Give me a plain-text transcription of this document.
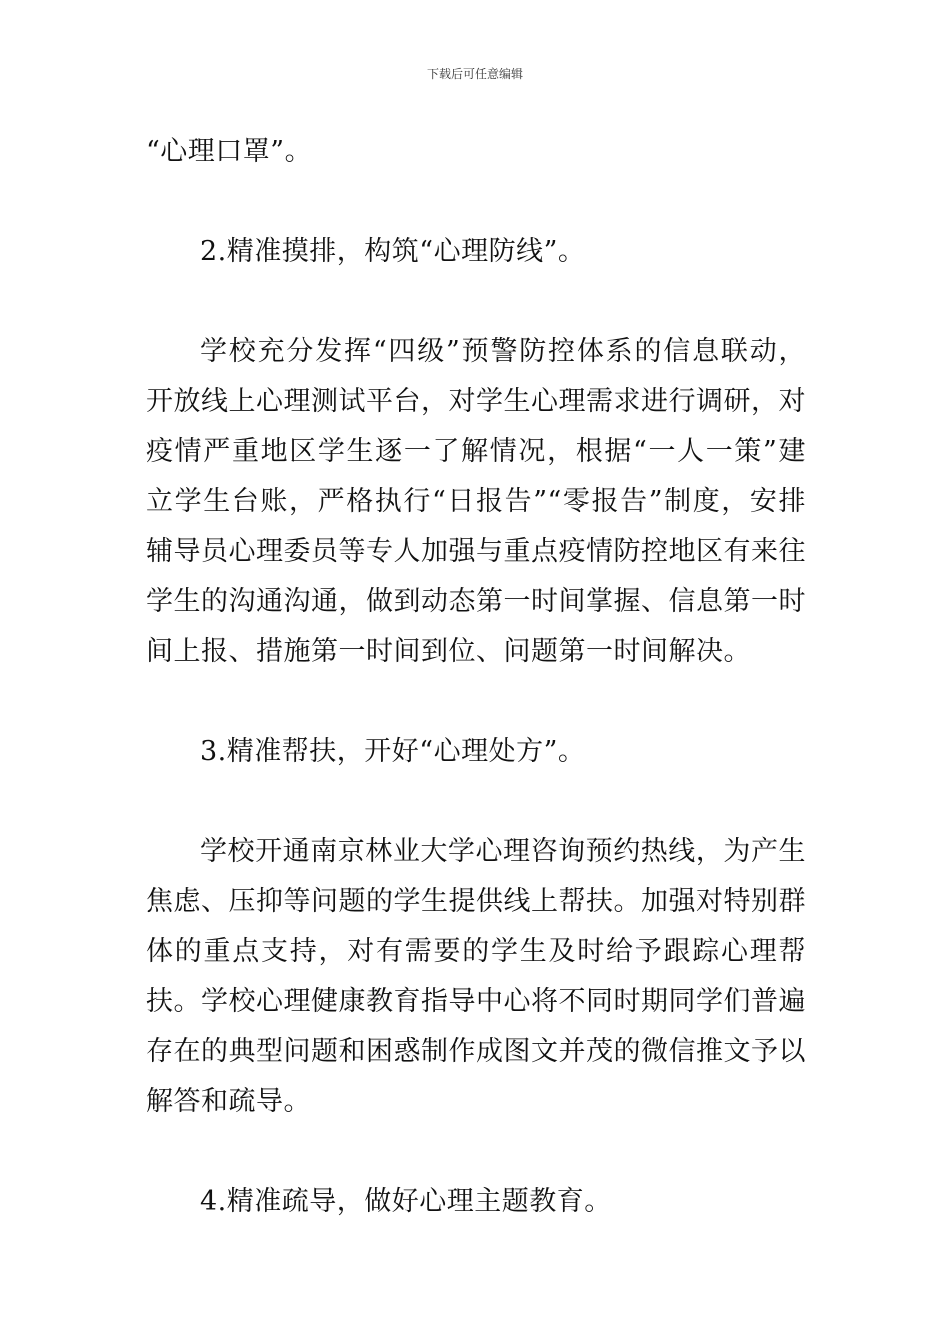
下载后可任意编辑

“心理口罩”。

2.精准摸排，构筑“心理防线”。

学校充分发挥“四级”预警防控体系的信息联动，开放线上心理测试平台，对学生心理需求进行调研，对疫情严重地区学生逐一了解情况，根据“一人一策”建立学生台账，严格执行“日报告”“零报告”制度，安排辅导员心理委员等专人加强与重点疫情防控地区有来往学生的沟通沟通，做到动态第一时间掌握、信息第一时间上报、措施第一时间到位、问题第一时间解决。

3.精准帮扶，开好“心理处方”。

学校开通南京林业大学心理咨询预约热线，为产生焦虑、压抑等问题的学生提供线上帮扶。加强对特别群体的重点支持，对有需要的学生及时给予跟踪心理帮扶。学校心理健康教育指导中心将不同时期同学们普遍存在的典型问题和困惑制作成图文并茂的微信推文予以解答和疏导。

4.精准疏导，做好心理主题教育。
